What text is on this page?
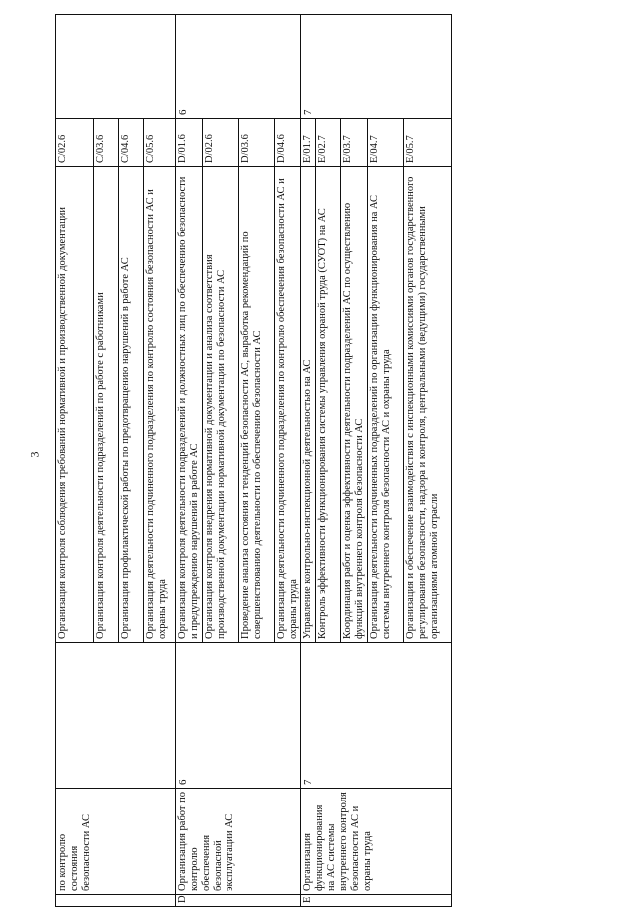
3
	по контролю состояния безопасности АС		Организация контроля соблюдения требований нормативной и производственной документации	С/02.6	
			Организация контроля деятельности подразделений по работе с работниками	С/03.6	
			Организация профилактической работы по предотвращению нарушений в работе АС	С/04.6	
			Организация деятельности подчиненного подразделения по контролю состояния безопасности АС и охраны труда	С/05.6	
D	Организация работ по контролю обеспечения безопасной эксплуатации АС	6	Организация контроля деятельности подразделений и должностных лиц по обеспечению безопасности и предупреждению нарушений в работе АС	D/01.6	6
			Организация контроля внедрения нормативной документации и анализа соответствия производственной документации нормативной документации по безопасности АС	D/02.6	
			Проведение анализа состояния и тенденций безопасности АС, выработка рекомендаций по совершенствованию деятельности по обеспечению безопасности АС	D/03.6	
			Организация деятельности подчиненного подразделения по контролю обеспечения безопасности АС и охраны труда	D/04.6	
E	Организация функционирования на АС системы внутреннего контроля безопасности АС и охраны труда	7	Управление контрольно-инспекционной деятельностью на АС	E/01.7	7
			Контроль эффективности функционирования системы управления охраной труда (СУОТ) на АС	E/02.7	
			Координация работ и оценка эффективности деятельности подразделений АС по осуществлению функций внутреннего контроля безопасности АС	E/03.7	
			Организация деятельности подчиненных подразделений по организации функционирования на АС системы внутреннего контроля безопасности АС и охраны труда	E/04.7	
			Организация и обеспечение взаимодействия с инспекционными комиссиями органов государственного регулирования безопасности, надзора и контроля, центральными (ведущими) государственными организациями атомной отрасли	E/05.7	
